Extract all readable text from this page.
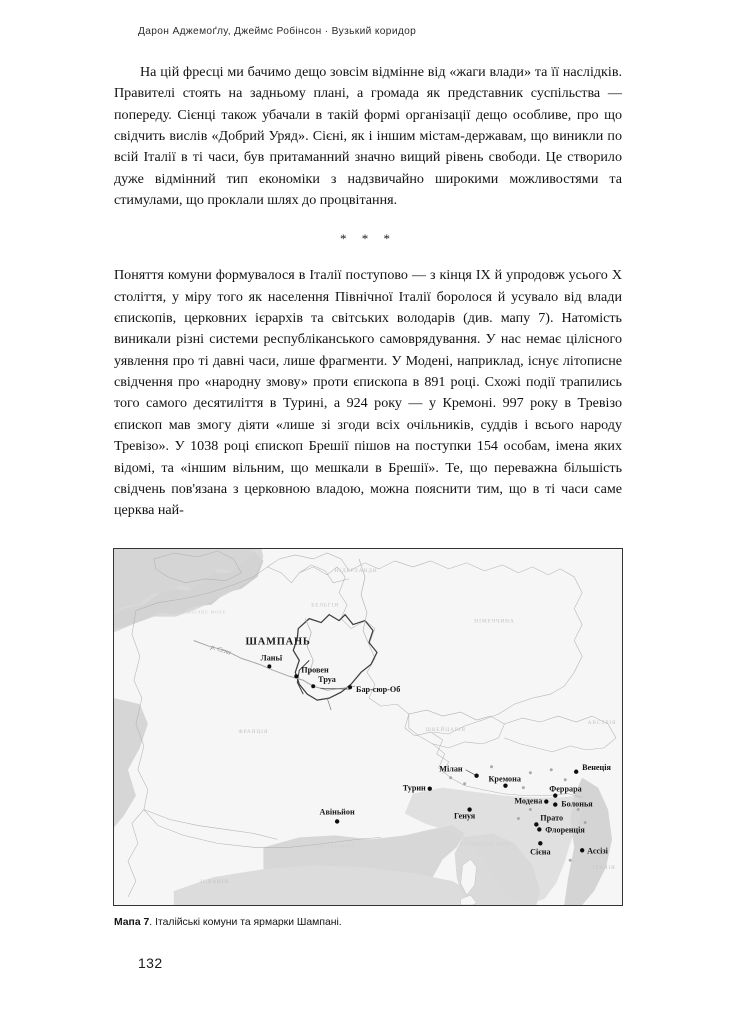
Дарон Аджемоґлу, Джеймс Робінсон · Вузький коридор

На цій фресці ми бачимо дещо зовсім відмінне від «жаги влади» та її наслідків. Правителі стоять на задньому плані, а громада як представник суспільства — попереду. Сієнці також убачали в такій формі організації дещо особливе, про що свідчить вислів «Добрий Уряд». Сієні, як і іншим містам-державам, що виникли по всій Італії в ті часи, був притаманний значно вищий рівень свободи. Це створило дуже відмінний тип економіки з надзвичайно широкими можливостями та стимулами, що проклали шлях до процвітання.

* * *

Поняття комуни формувалося в Італії поступово — з кінця IX й упродовж усього X століття, у міру того як населення Північної Італії боролося й усувало від влади єпископів, церковних ієрархів та світських володарів (див. мапу 7). Натомість виникали різні системи республіканського самоврядування. У нас немає цілісного уявлення про ті давні часи, лише фрагменти. У Модені, наприклад, існує літописне свідчення про «народну змову» проти єпископа в 891 році. Схожі події трапились того самого десятиліття в Турині, а 924 року — у Кремоні. 997 року в Тревізо єпископ мав змогу діяти «лише зі згоди всіх очільників, суддів і всього народу Тревізо». У 1038 році єпископ Брешії пішов на поступки 154 особам, імена яких відомі, та «іншим вільним, що мешкали в Брешії». Те, що переважна більшість свідчень пов'язана з церковною владою, можна пояснити тим, що в ті часи саме церква най-

НІДЕРЛАНДИ
БЕЛЬГІЯ
НІМЕЧЧИНА
ФРАНЦІЯ	ШВЕЙЦАРІЯ
АВСТРІЯ
ІСПАНІЯ
ІТАЛІЯ
ПІВНІЧНЕ МОРЕ
ЛІГУРІЙСЬКЕ МОРЕ	ТІРРЕНСЬКЕ МОРЕ
ШАМПАНЬ
р. Сена
Ланьї
Провен
Труа
Бар-сюр-Об
Мілан
Кремона
Турин
Венеція
Феррара
Модена Болонья
Генуя	Прато
Флоренція
Сієна	Ассізі
Авіньйон
Мапа 7. Італійські комуни та ярмарки Шампані.
132
